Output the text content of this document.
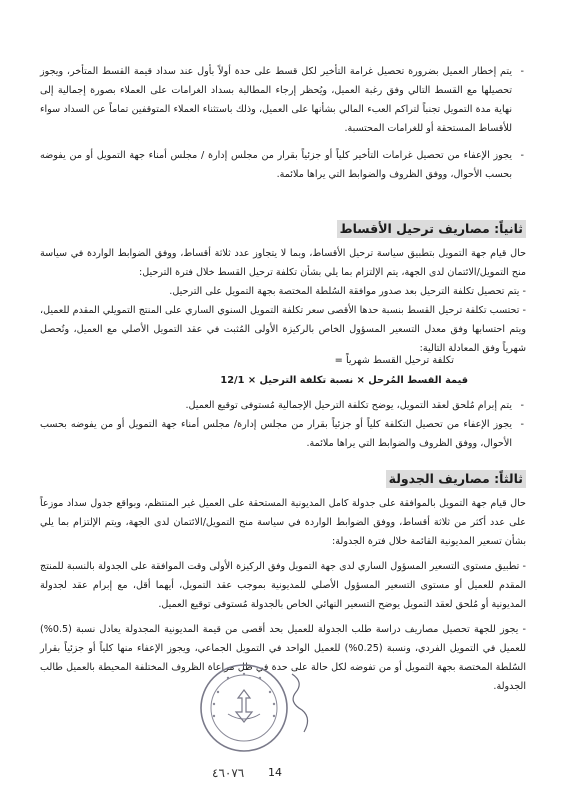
- يتم إخطار العميل بضرورة تحصيل غرامة التأخير لكل قسط على حدة أولاً بأول عند سداد قيمة القسط المتأخر، ويجوز تحصيلها مع القسط التالي وفق رغبة العميل، ويُحظر إرجاء المطالبة بسداد الغرامات على العملاء بصورة إجمالية إلى نهاية مدة التمويل تجنباً لتراكم العبء المالي بشأنها على العميل، وذلك باستثناء العملاء المتوقفين تماماً عن السداد سواء للأقساط المستحقة أو للغرامات المحتسبة.

- يجوز الإعفاء من تحصيل غرامات التأخير كلياً أو جزئياً بقرار من مجلس إدارة / مجلس أمناء جهة التمويل أو من يفوضه بحسب الأحوال، ووفق الظروف والضوابط التي يراها ملائمة.

ثانياً: مصاريف ترحيل الأقساط

حال قيام جهة التمويل بتطبيق سياسة ترحيل الأقساط، وبما لا يتجاوز عدد ثلاثة أقساط، ووفق الضوابط الواردة في سياسة منح التمويل/الائتمان لدى الجهة، يتم الإلتزام بما يلي بشأن تكلفة ترحيل القسط خلال فترة الترحيل:

- يتم تحصيل تكلفة الترحيل بعد صدور موافقة السُلطة المختصة بجهة التمويل على الترحيل.

- تحتسب تكلفة ترحيل القسط بنسبة حدها الأقصى سعر تكلفة التمويل السنوي الساري على المنتج التمويلي المقدم للعميل، ويتم احتسابها وفق معدل التسعير المسؤول الخاص بالركيزة الأولى المُثبت في عقد التمويل الأصلي مع العميل، وتُحصل شهرياً وفق المعادلة التالية:

تكلفة ترحيل القسط شهرياً =
قيمة القسط المُرحل × نسبة تكلفة الترحيل × 12/1

- يتم إبرام مُلحق لعقد التمويل، يوضح تكلفة الترحيل الإجمالية مُستوفى توقيع العميل.

- يجوز الإعفاء من تحصيل التكلفة كلياً أو جزئياً بقرار من مجلس إدارة/ مجلس أمناء جهة التمويل أو من يفوضه بحسب الأحوال، ووفق الظروف والضوابط التي يراها ملائمة.

ثالثاً: مصاريف الجدولة

حال قيام جهة التمويل بالموافقة على جدولة كامل المديونية المستحقة على العميل غير المنتظم، وبواقع جدول سداد موزعاً على عدد أكثر من ثلاثة أقساط، ووفق الضوابط الواردة في سياسة منح التمويل/الائتمان لدى الجهة، ويتم الإلتزام بما يلي بشأن تسعير المديونية القائمة خلال فترة الجدولة:

- تطبيق مستوى التسعير المسؤول الساري لدى جهة التمويل وفق الركيزة الأولى وقت الموافقة على الجدولة بالنسبة للمنتج المقدم للعميل أو مستوى التسعير المسؤول الأصلي للمديونية بموجب عقد التمويل، أيهما أقل، مع إبرام عقد لجدولة المديونية أو مُلحق لعقد التمويل يوضح التسعير النهائي الخاص بالجدولة مُستوفى توقيع العميل.

- يجوز للجهة تحصيل مصاريف دراسة طلب الجدولة للعميل بحد أقصى من قيمة المديونية المجدولة يعادل نسبة (0.5%) للعميل في التمويل الفردي، ونسبة (0.25%) للعميل الواحد في التمويل الجماعي، ويجوز الإعفاء منها كلياً أو جزئياً بقرار السُلطة المختصة بجهة التمويل أو من تفوضه لكل حالة على حدة في ظل مراعاة الظروف المختلفة المحيطة بالعميل طالب الجدولة.

٤٦٠٧٦ 14
